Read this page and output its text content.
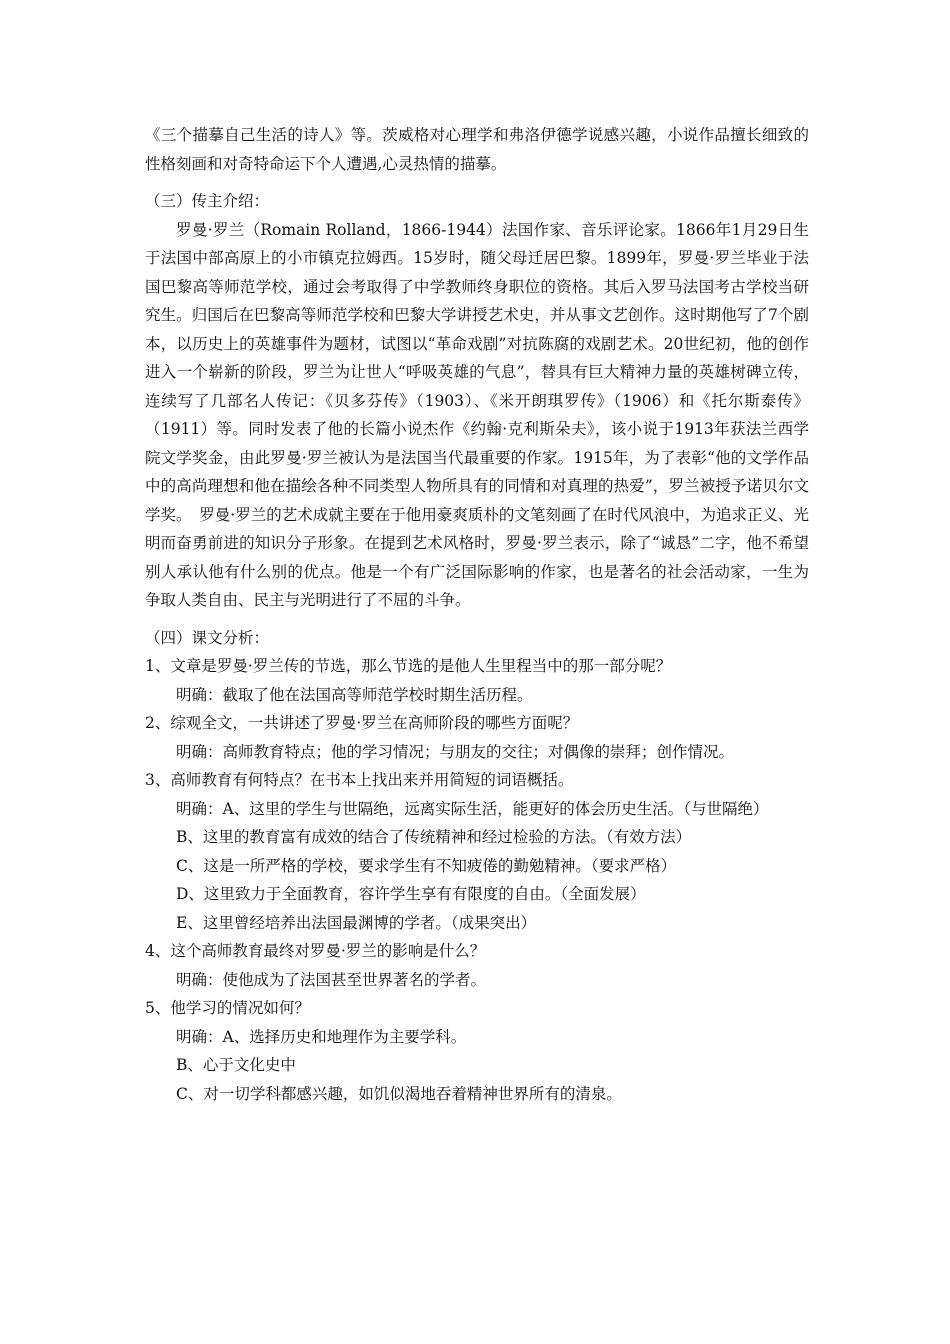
《三个描摹自己生活的诗人》等。茨威格对心理学和弗洛伊德学说感兴趣，小说作品擅长细致的性格刻画和对奇特命运下个人遭遇,心灵热情的描摹。

（三）传主介绍：

罗曼·罗兰（Romain Rolland，1866-1944）法国作家、音乐评论家。1866年1月29日生于法国中部高原上的小市镇克拉姆西。15岁时，随父母迁居巴黎。1899年，罗曼·罗兰毕业于法国巴黎高等师范学校，通过会考取得了中学教师终身职位的资格。其后入罗马法国考古学校当研究生。归国后在巴黎高等师范学校和巴黎大学讲授艺术史，并从事文艺创作。这时期他写了7个剧本，以历史上的英雄事件为题材，试图以“革命戏剧”对抗陈腐的戏剧艺术。20世纪初，他的创作进入一个崭新的阶段，罗兰为让世人“呼吸英雄的气息”，替具有巨大精神力量的英雄树碑立传，连续写了几部名人传记：《贝多芬传》（1903）、《米开朗琪罗传》（1906）和《托尔斯泰传》（1911）等。同时发表了他的长篇小说杰作《约翰·克利斯朵夫》，该小说于1913年获法兰西学院文学奖金，由此罗曼·罗兰被认为是法国当代最重要的作家。1915年，为了表彰“他的文学作品中的高尚理想和他在描绘各种不同类型人物所具有的同情和对真理的热爱”，罗兰被授予诺贝尔文学奖。　罗曼·罗兰的艺术成就主要在于他用豪爽质朴的文笔刻画了在时代风浪中，为追求正义、光明而奋勇前进的知识分子形象。在提到艺术风格时，罗曼·罗兰表示，除了“诚恳”二字，他不希望别人承认他有什么别的优点。他是一个有广泛国际影响的作家，也是著名的社会活动家，一生为争取人类自由、民主与光明进行了不屈的斗争。

（四）课文分析：

1、文章是罗曼·罗兰传的节选，那么节选的是他人生里程当中的那一部分呢？

明确：截取了他在法国高等师范学校时期生活历程。

2、综观全文，一共讲述了罗曼·罗兰在高师阶段的哪些方面呢？

明确：高师教育特点；他的学习情况；与朋友的交往；对偶像的崇拜；创作情况。

3、高师教育有何特点？在书本上找出来并用简短的词语概括。

明确：A、这里的学生与世隔绝，远离实际生活，能更好的体会历史生活。（与世隔绝）

B、这里的教育富有成效的结合了传统精神和经过检验的方法。（有效方法）

C、这是一所严格的学校，要求学生有不知疲倦的勤勉精神。（要求严格）

D、这里致力于全面教育，容许学生享有有限度的自由。（全面发展）

E、这里曾经培养出法国最渊博的学者。（成果突出）

4、这个高师教育最终对罗曼·罗兰的影响是什么？

明确：使他成为了法国甚至世界著名的学者。

5、他学习的情况如何？

明确：A、选择历史和地理作为主要学科。

B、心于文化史中

C、对一切学科都感兴趣，如饥似渴地吞着精神世界所有的清泉。
